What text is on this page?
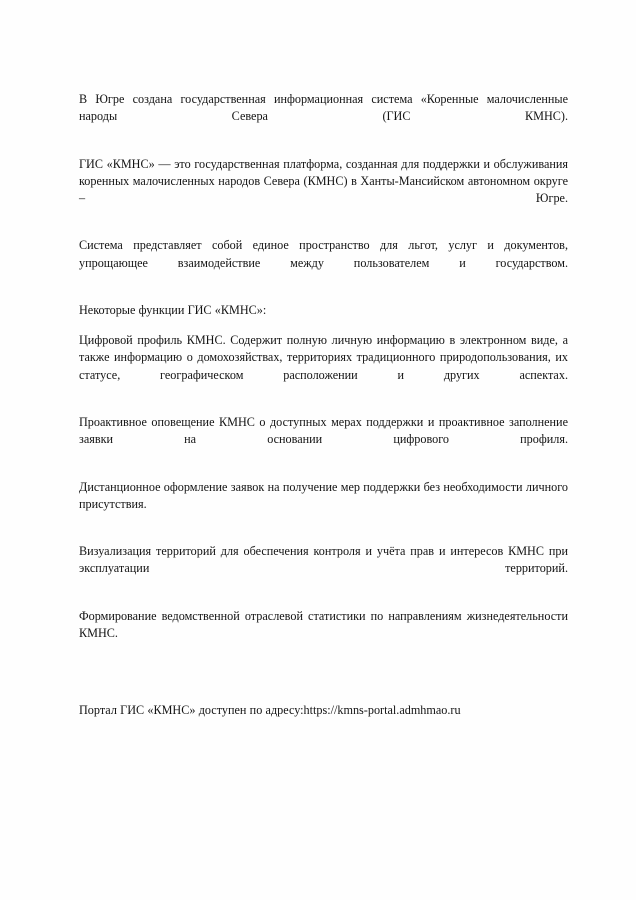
В Югре создана государственная информационная система «Коренные малочисленные народы Севера (ГИС КМНС).

ГИС «КМНС» — это государственная платформа, созданная для поддержки и обслуживания коренных малочисленных народов Севера (КМНС) в Ханты-Мансийском автономном округе – Югре.

Система представляет собой единое пространство для льгот, услуг и документов, упрощающее взаимодействие между пользователем и государством.

Некоторые функции ГИС «КМНС»:

Цифровой профиль КМНС. Содержит полную личную информацию в электронном виде, а также информацию о домохозяйствах, территориях традиционного природопользования, их статусе, географическом расположении и других аспектах.

Проактивное оповещение КМНС о доступных мерах поддержки и проактивное заполнение заявки на основании цифрового профиля.

Дистанционное оформление заявок на получение мер поддержки без необходимости личного присутствия.

Визуализация территорий для обеспечения контроля и учёта прав и интересов КМНС при эксплуатации территорий.

Формирование ведомственной отраслевой статистики по направлениям жизнедеятельности КМНС.

Портал ГИС «КМНС» доступен по адресу:https://kmns-portal.admhmao.ru
